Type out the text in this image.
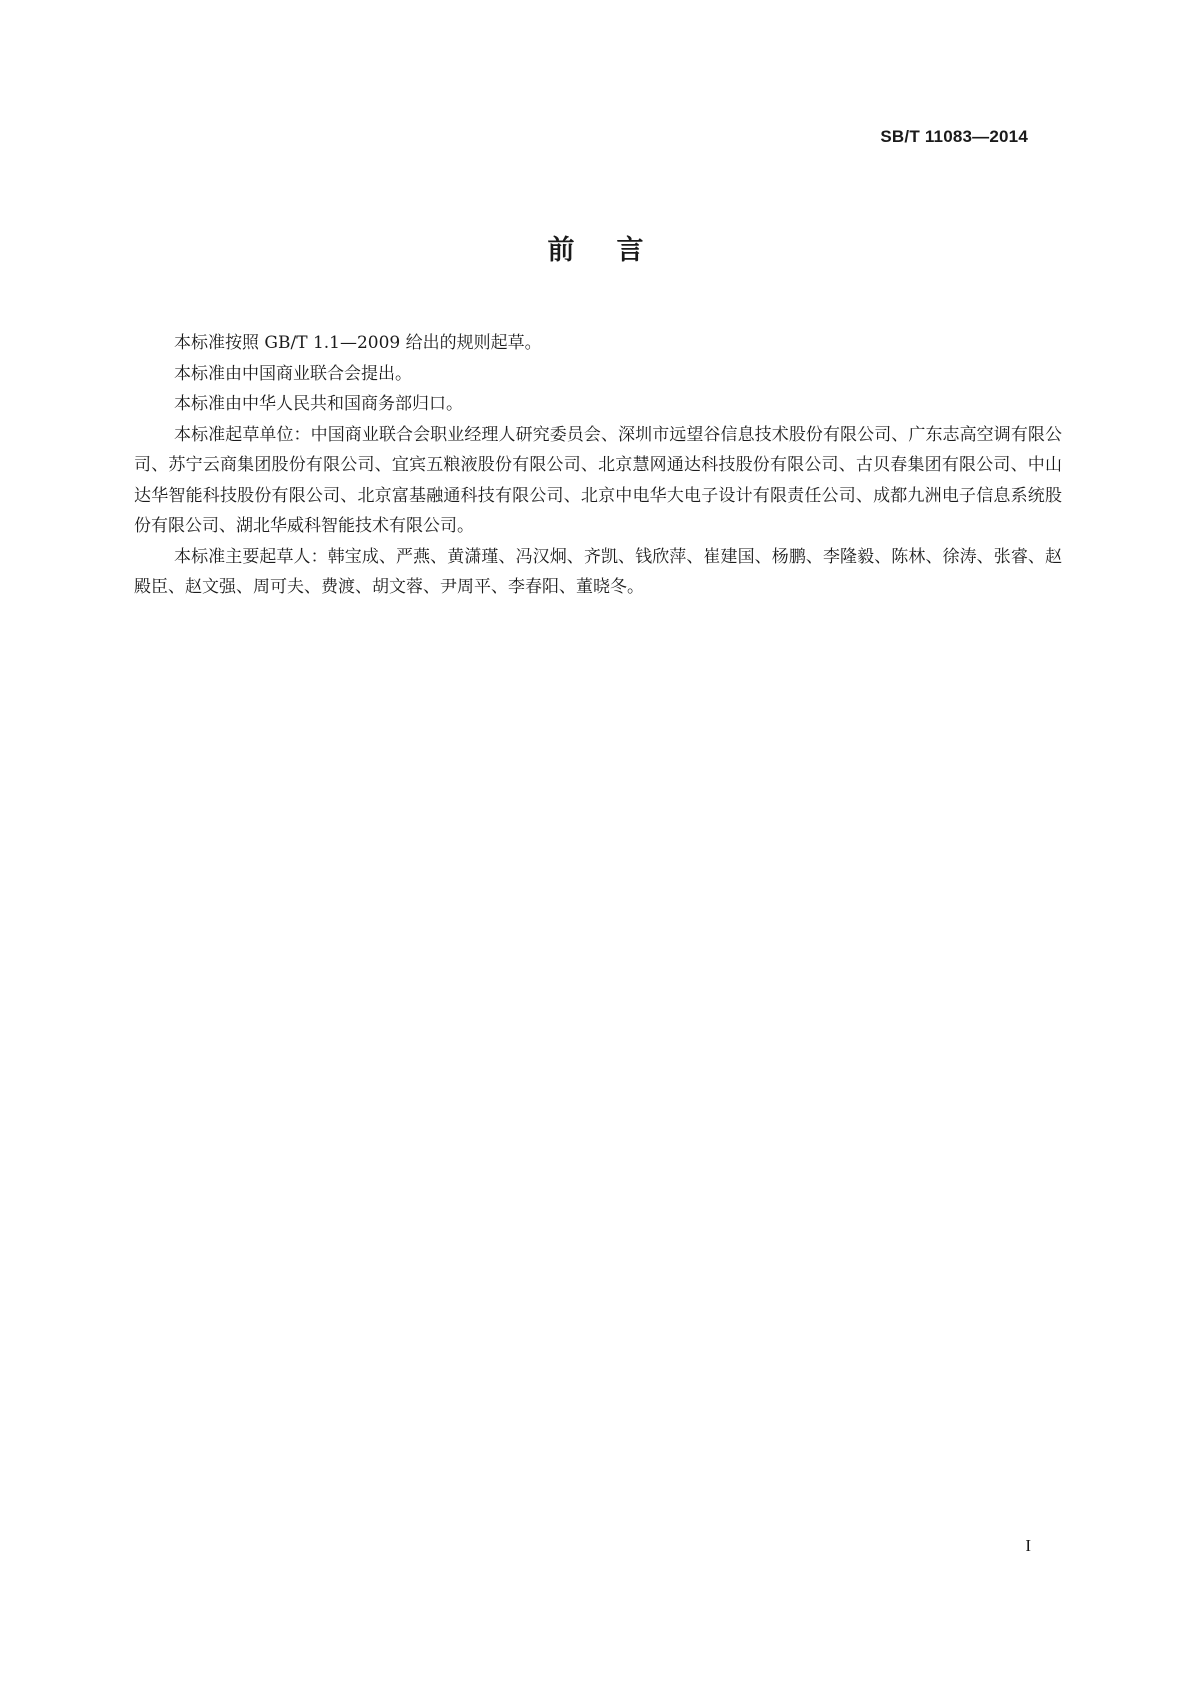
SB/T 11083—2014
前言

本标准按照 GB/T 1.1—2009 给出的规则起草。

本标准由中国商业联合会提出。

本标准由中华人民共和国商务部归口。

本标准起草单位：中国商业联合会职业经理人研究委员会、深圳市远望谷信息技术股份有限公司、广东志高空调有限公司、苏宁云商集团股份有限公司、宜宾五粮液股份有限公司、北京慧网通达科技股份有限公司、古贝春集团有限公司、中山达华智能科技股份有限公司、北京富基融通科技有限公司、北京中电华大电子设计有限责任公司、成都九洲电子信息系统股份有限公司、湖北华威科智能技术有限公司。

本标准主要起草人：韩宝成、严燕、黄潇瑾、冯汉炯、齐凯、钱欣萍、崔建国、杨鹏、李隆毅、陈林、徐涛、张睿、赵殿臣、赵文强、周可夫、费渡、胡文蓉、尹周平、李春阳、董晓冬。

I
